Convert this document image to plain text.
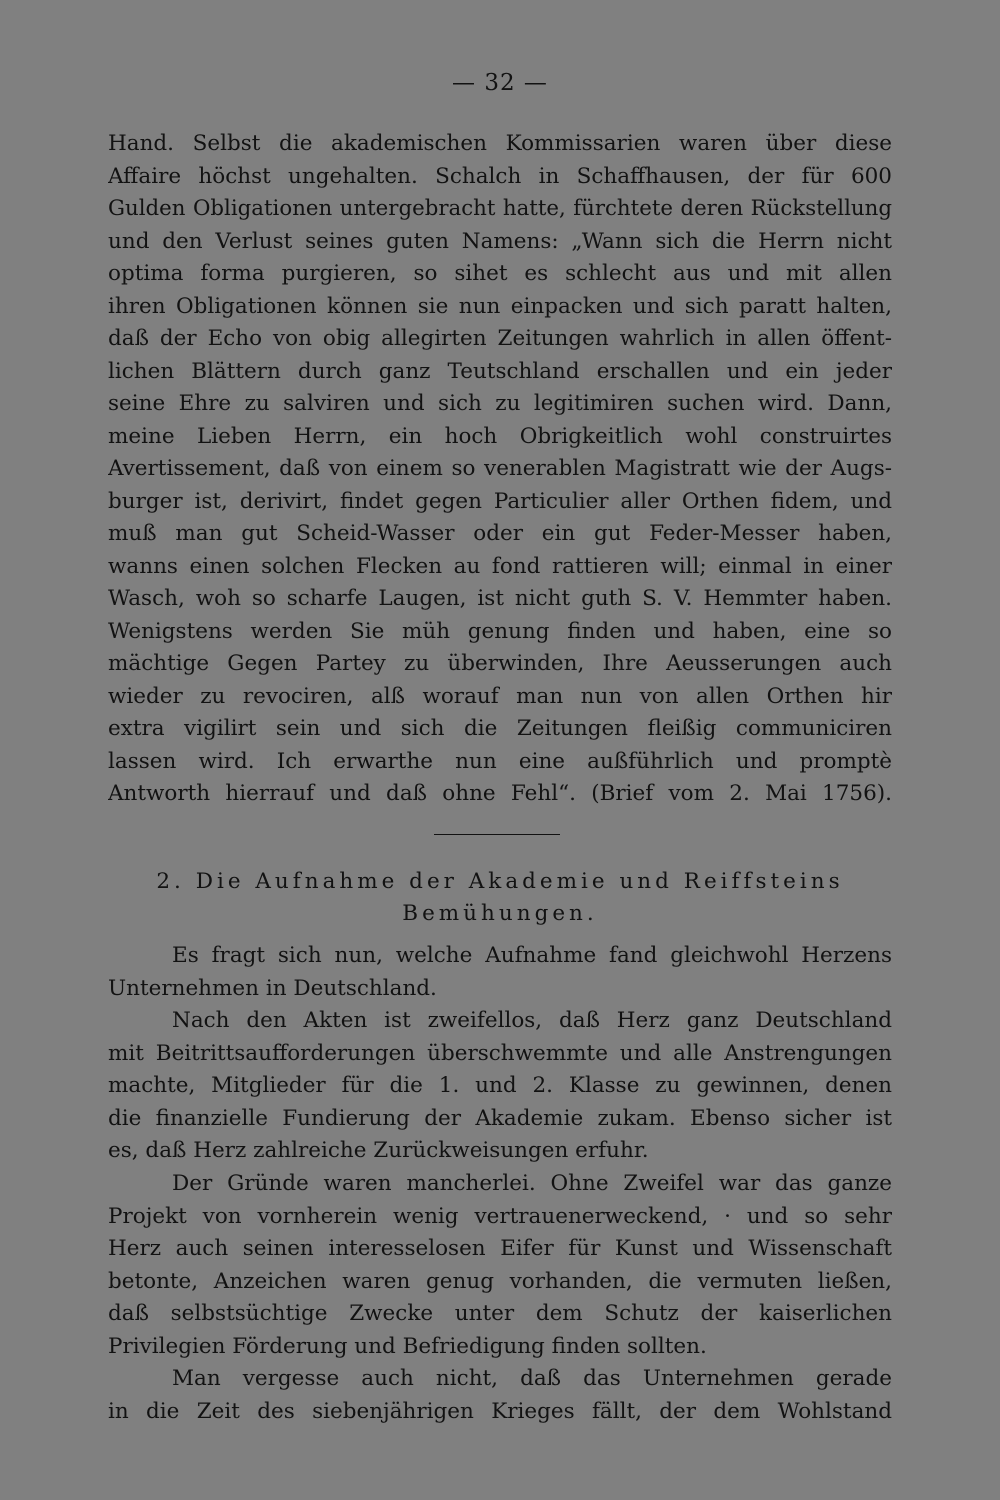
— 32 —
Hand. Selbst die akademischen Kommissarien waren über diese
Affaire höchst ungehalten. Schalch in Schaffhausen, der für 600
Gulden Obligationen untergebracht hatte, fürchtete deren Rückstellung
und den Verlust seines guten Namens: „Wann sich die Herrn nicht
optima forma purgieren, so sihet es schlecht aus und mit allen
ihren Obligationen können sie nun einpacken und sich paratt halten,
daß der Echo von obig allegirten Zeitungen wahrlich in allen öffent-
lichen Blättern durch ganz Teutschland erschallen und ein jeder
seine Ehre zu salviren und sich zu legitimiren suchen wird. Dann,
meine Lieben Herrn, ein hoch Obrigkeitlich wohl construirtes
Avertissement, daß von einem so venerablen Magistratt wie der Augs-
burger ist, derivirt, findet gegen Particulier aller Orthen fidem, und
muß man gut Scheid-Wasser oder ein gut Feder-Messer haben,
wanns einen solchen Flecken au fond rattieren will; einmal in einer
Wasch, woh so scharfe Laugen, ist nicht guth S. V. Hemmter haben.
Wenigstens werden Sie müh genung finden und haben, eine so
mächtige Gegen Partey zu überwinden, Ihre Aeusserungen auch
wieder zu revociren, alß worauf man nun von allen Orthen hir
extra vigilirt sein und sich die Zeitungen fleißig communiciren
lassen wird. Ich erwarthe nun eine außführlich und promptè
Antworth hierrauf und daß ohne Fehl“. (Brief vom 2. Mai 1756).
2. Die Aufnahme der Akademie und Reiffsteins
Bemühungen.
Es fragt sich nun, welche Aufnahme fand gleichwohl Herzens
Unternehmen in Deutschland.
Nach den Akten ist zweifellos, daß Herz ganz Deutschland
mit Beitrittsaufforderungen überschwemmte und alle Anstrengungen
machte, Mitglieder für die 1. und 2. Klasse zu gewinnen, denen
die finanzielle Fundierung der Akademie zukam. Ebenso sicher ist
es, daß Herz zahlreiche Zurückweisungen erfuhr.
Der Gründe waren mancherlei. Ohne Zweifel war das ganze
Projekt von vornherein wenig vertrauenerweckend, · und so sehr
Herz auch seinen interesselosen Eifer für Kunst und Wissenschaft
betonte, Anzeichen waren genug vorhanden, die vermuten ließen,
daß selbstsüchtige Zwecke unter dem Schutz der kaiserlichen
Privilegien Förderung und Befriedigung finden sollten.
Man vergesse auch nicht, daß das Unternehmen gerade
in die Zeit des siebenjährigen Krieges fällt, der dem Wohlstand
